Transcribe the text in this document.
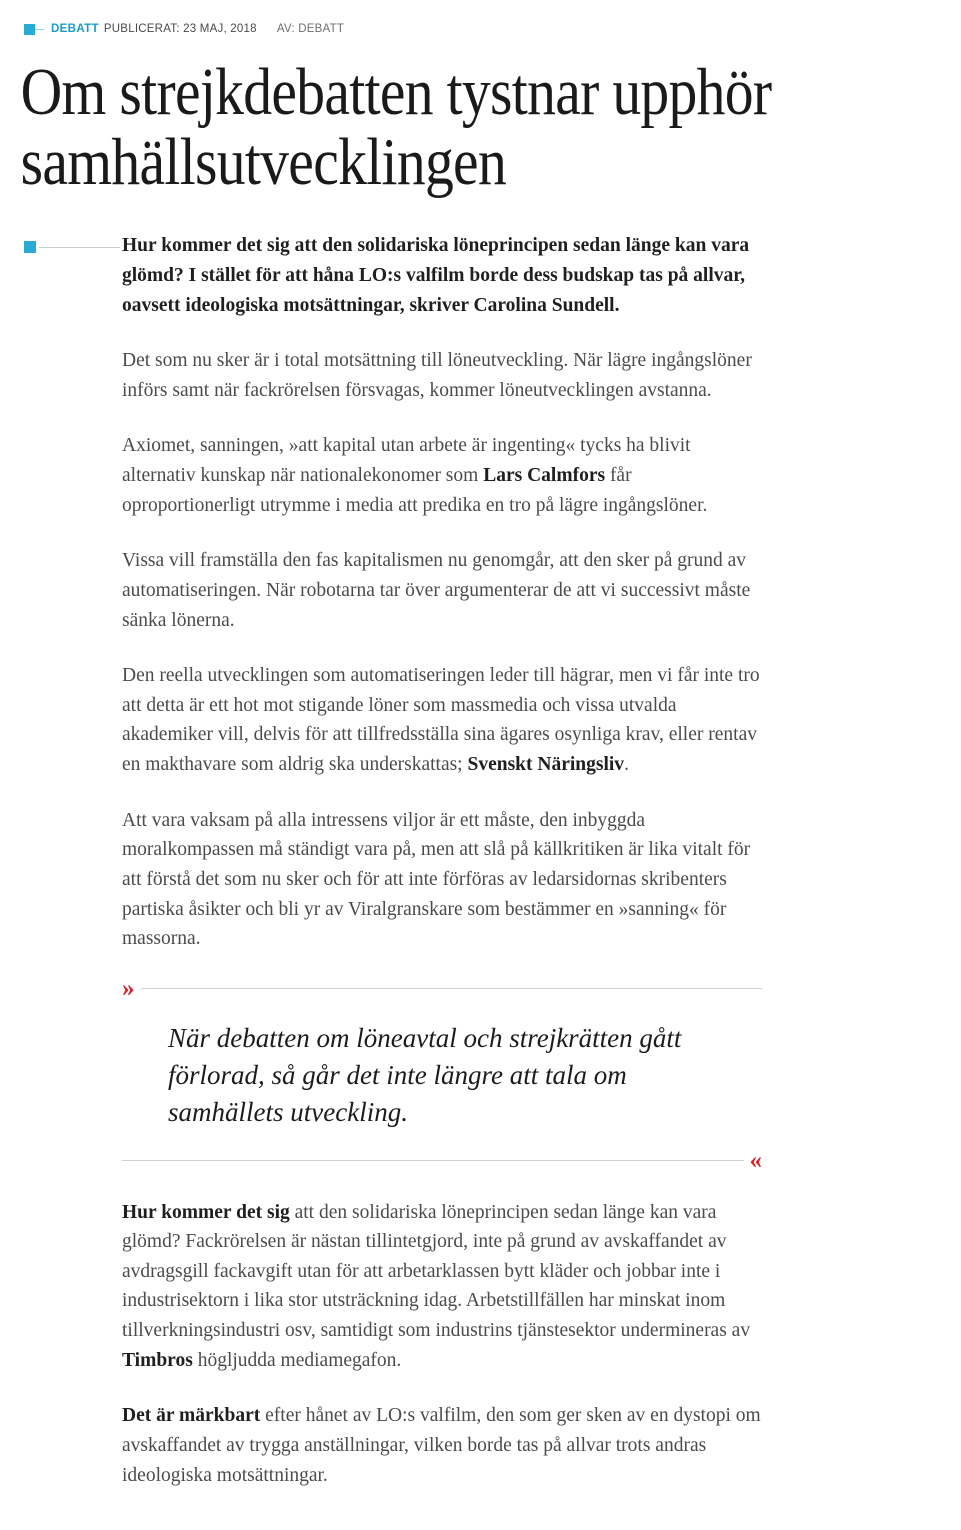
DEBATT PUBLICERAT: 23 MAJ, 2018 AV: DEBATT
Om strejkdebatten tystnar upphör samhällsutvecklingen

Hur kommer det sig att den solidariska löneprincipen sedan länge kan vara glömd? I stället för att håna LO:s valfilm borde dess budskap tas på allvar, oavsett ideologiska motsättningar, skriver Carolina Sundell.

Det som nu sker är i total motsättning till löneutveckling. När lägre ingångslöner införs samt när fackrörelsen försvagas, kommer löneutvecklingen avstanna.

Axiomet, sanningen, »att kapital utan arbete är ingenting« tycks ha blivit alternativ kunskap när nationalekonomer som Lars Calmfors får oproportionerligt utrymme i media att predika en tro på lägre ingångslöner.

Vissa vill framställa den fas kapitalismen nu genomgår, att den sker på grund av automatiseringen. När robotarna tar över argumenterar de att vi successivt måste sänka lönerna.

Den reella utvecklingen som automatiseringen leder till hägrar, men vi får inte tro att detta är ett hot mot stigande löner som massmedia och vissa utvalda akademiker vill, delvis för att tillfredsställa sina ägares osynliga krav, eller rentav en makthavare som aldrig ska underskattas; Svenskt Näringsliv.

Att vara vaksam på alla intressens viljor är ett måste, den inbyggda moralkompassen må ständigt vara på, men att slå på källkritiken är lika vitalt för att förstå det som nu sker och för att inte förföras av ledarsidornas skribenters partiska åsikter och bli yr av Viralgranskare som bestämmer en »sanning« för massorna.

»
När debatten om löneavtal och strejkrätten gått förlorad, så går det inte längre att tala om samhällets utveckling.
«

Hur kommer det sig att den solidariska löneprincipen sedan länge kan vara glömd? Fackrörelsen är nästan tillintetgjord, inte på grund av avskaffandet av avdragsgill fackavgift utan för att arbetarklassen bytt kläder och jobbar inte i industrisektorn i lika stor utsträckning idag. Arbetstillfällen har minskat inom tillverkningsindustri osv, samtidigt som industrins tjänstesektor undermineras av Timbros högljudda mediamegafon.

Det är märkbart efter hånet av LO:s valfilm, den som ger sken av en dystopi om avskaffandet av trygga anställningar, vilken borde tas på allvar trots andras ideologiska motsättningar.
